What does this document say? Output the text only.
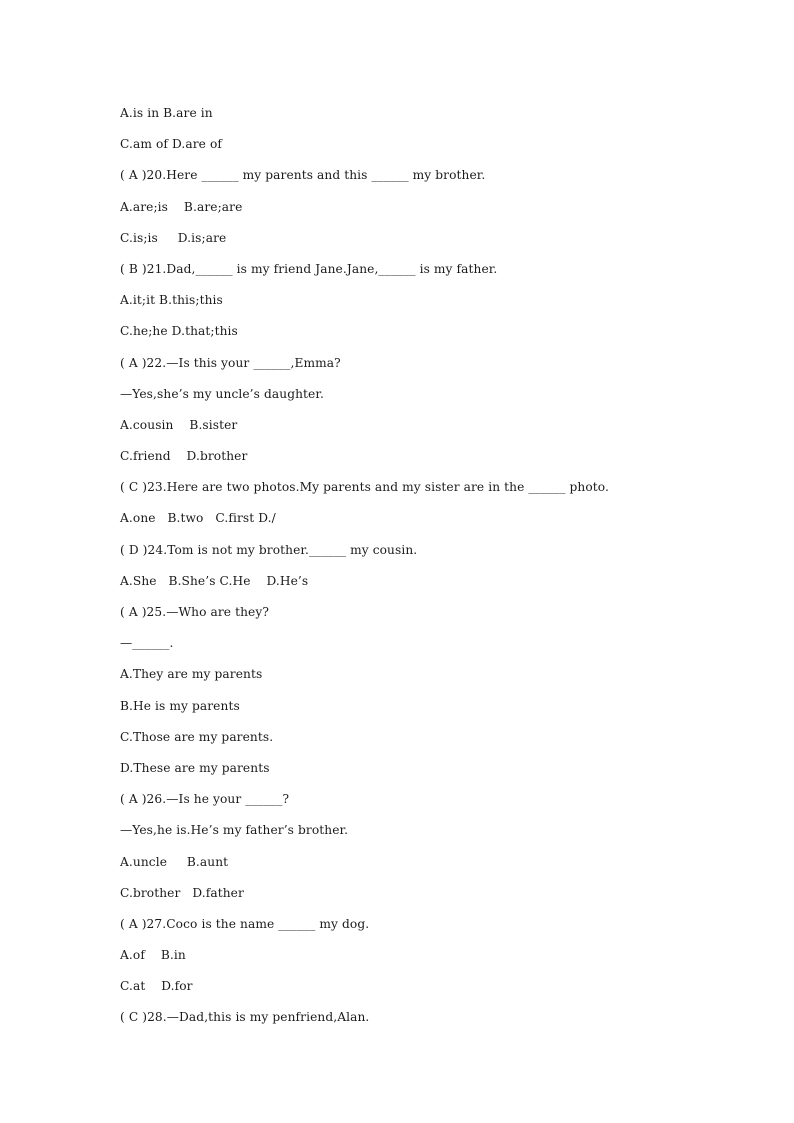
A.is in B.are in
C.am of D.are of
( A )20.Here ______ my parents and this ______ my brother.
A.are;is    B.are;are
C.is;is     D.is;are
( B )21.Dad,______ is my friend Jane.Jane,______ is my father.
A.it;it B.this;this
C.he;he D.that;this
( A )22.—Is this your ______,Emma?
—Yes,she’s my uncle’s daughter.
A.cousin    B.sister
C.friend    D.brother
( C )23.Here are two photos.My parents and my sister are in the ______ photo.
A.one   B.two   C.first D./
( D )24.Tom is not my brother.______ my cousin.
A.She   B.She’s C.He    D.He’s
( A )25.—Who are they?
—______.
A.They are my parents
B.He is my parents
C.Those are my parents.
D.These are my parents
( A )26.—Is he your ______?
—Yes,he is.He’s my father’s brother.
A.uncle     B.aunt
C.brother   D.father
( A )27.Coco is the name ______ my dog.
A.of    B.in
C.at    D.for
( C )28.—Dad,this is my penfriend,Alan.
